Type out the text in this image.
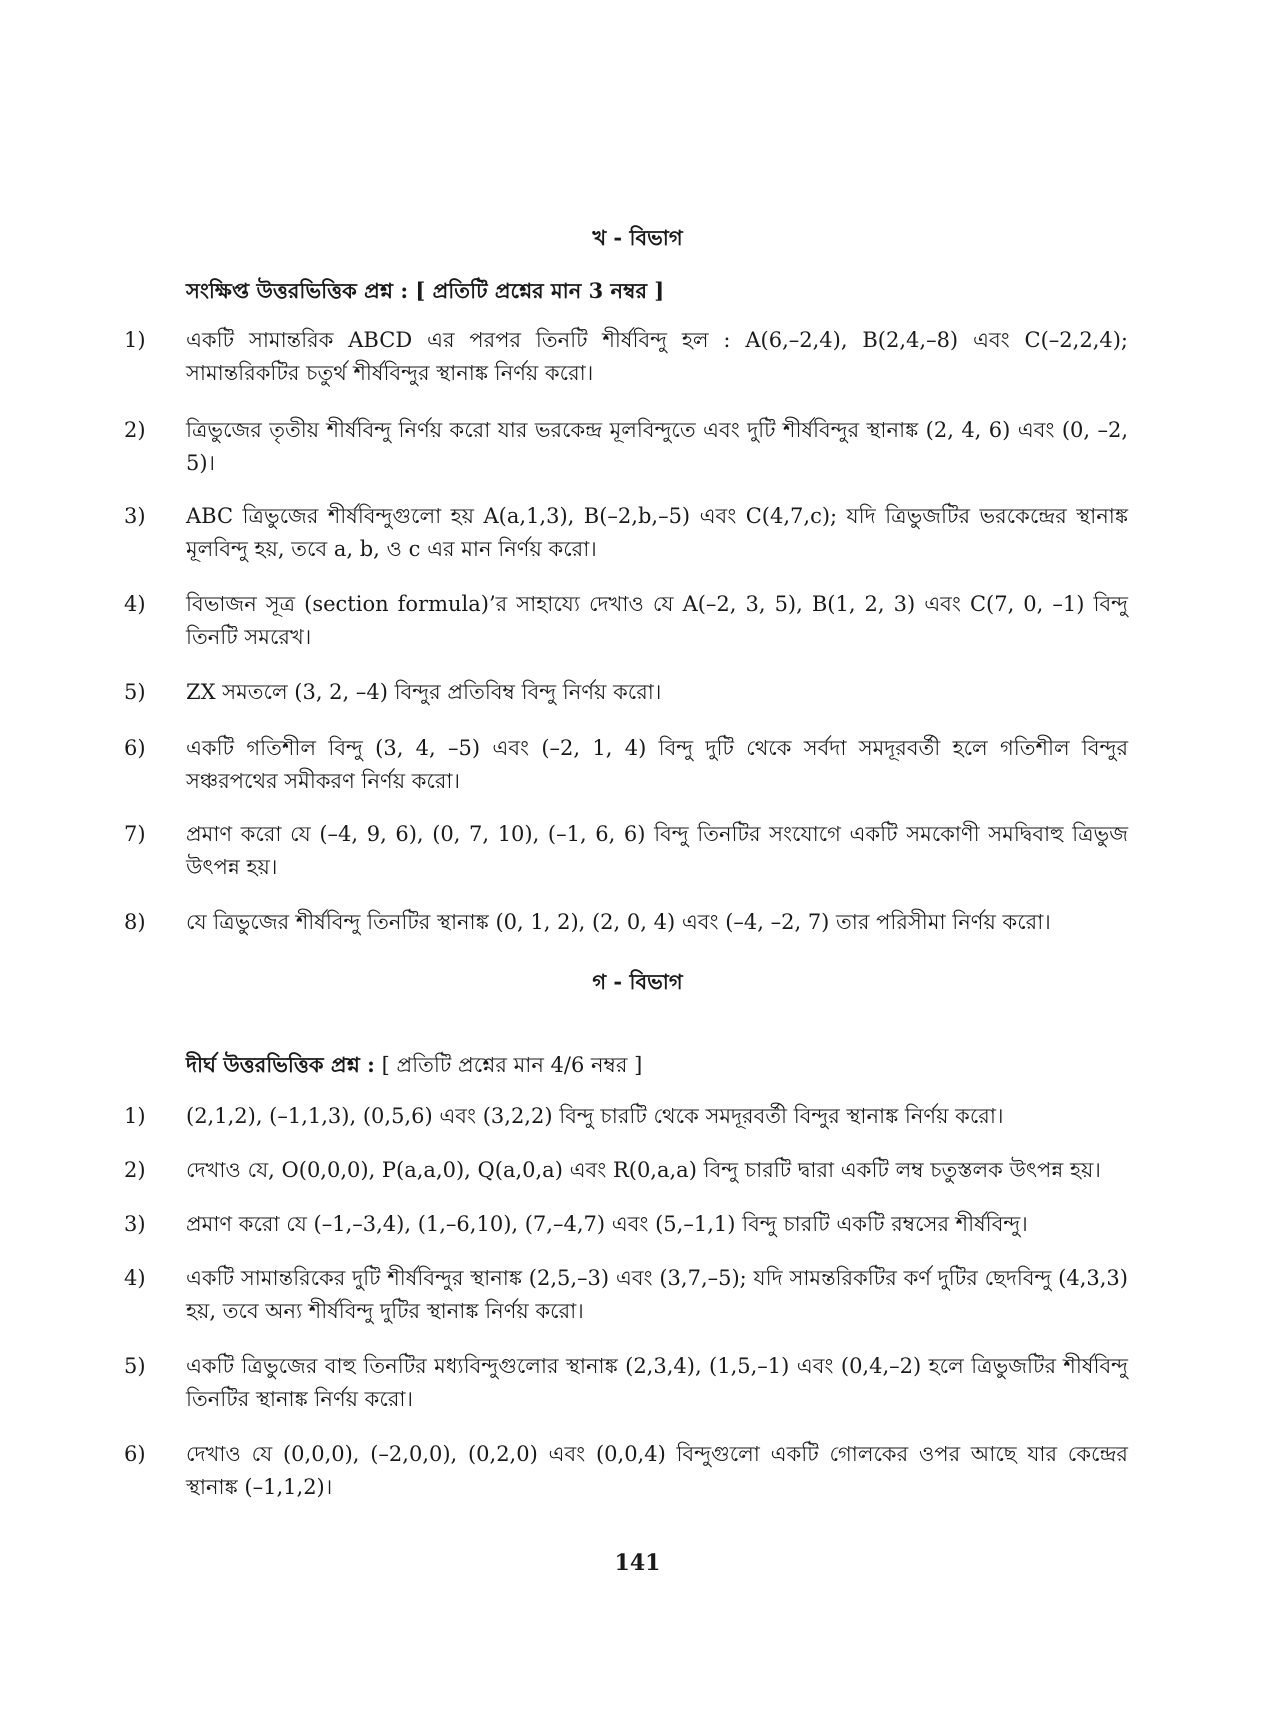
খ - বিভাগ
সংক্ষিপ্ত উত্তরভিত্তিক প্রশ্ন : [ প্রতিটি প্রশ্নের মান 3 নম্বর ]
1)	একটি সামান্তরিক ABCD এর পরপর তিনটি শীর্ষবিন্দু হল : A(6,–2,4), B(2,4,–8) এবং C(–2,2,4); সামান্তরিকটির চতুর্থ শীর্ষবিন্দুর স্থানাঙ্ক নির্ণয় করো।
2)	ত্রিভুজের তৃতীয় শীর্ষবিন্দু নির্ণয় করো যার ভরকেন্দ্র মূলবিন্দুতে এবং দুটি শীর্ষবিন্দুর স্থানাঙ্ক (2, 4, 6) এবং (0, –2, 5)।
3)	ABC ত্রিভুজের শীর্ষবিন্দুগুলো হয় A(a,1,3), B(–2,b,–5) এবং C(4,7,c); যদি ত্রিভুজটির ভরকেন্দ্রের স্থানাঙ্ক মূলবিন্দু হয়, তবে a, b, ও c এর মান নির্ণয় করো।
4)	বিভাজন সূত্র (section formula)’র সাহায্যে দেখাও যে A(–2, 3, 5), B(1, 2, 3) এবং C(7, 0, –1) বিন্দু তিনটি সমরেখ।
5)	ZX সমতলে (3, 2, –4) বিন্দুর প্রতিবিম্ব বিন্দু নির্ণয় করো।
6)	একটি গতিশীল বিন্দু (3, 4, –5) এবং (–2, 1, 4) বিন্দু দুটি থেকে সর্বদা সমদূরবর্তী হলে গতিশীল বিন্দুর সঞ্চরপথের সমীকরণ নির্ণয় করো।
7)	প্রমাণ করো যে (–4, 9, 6), (0, 7, 10), (–1, 6, 6) বিন্দু তিনটির সংযোগে একটি সমকোণী সমদ্বিবাহু ত্রিভুজ উৎপন্ন হয়।
8)	যে ত্রিভুজের শীর্ষবিন্দু তিনটির স্থানাঙ্ক (0, 1, 2), (2, 0, 4) এবং (–4, –2, 7) তার পরিসীমা নির্ণয় করো।
গ - বিভাগ
দীর্ঘ উত্তরভিত্তিক প্রশ্ন : [ প্রতিটি প্রশ্নের মান 4/6 নম্বর ]
1)	(2,1,2), (–1,1,3), (0,5,6) এবং (3,2,2) বিন্দু চারটি থেকে সমদূরবর্তী বিন্দুর স্থানাঙ্ক নির্ণয় করো।
2)	দেখাও যে, O(0,0,0), P(a,a,0), Q(a,0,a) এবং R(0,a,a) বিন্দু চারটি দ্বারা একটি লম্ব চতুস্তলক উৎপন্ন হয়।
3)	প্রমাণ করো যে (–1,–3,4), (1,–6,10), (7,–4,7) এবং (5,–1,1) বিন্দু চারটি একটি রম্বসের শীর্ষবিন্দু।
4)	একটি সামান্তরিকের দুটি শীর্ষবিন্দুর স্থানাঙ্ক (2,5,–3) এবং (3,7,–5); যদি সামন্তরিকটির কর্ণ দুটির ছেদবিন্দু (4,3,3) হয়, তবে অন্য শীর্ষবিন্দু দুটির স্থানাঙ্ক নির্ণয় করো।
5)	একটি ত্রিভুজের বাহু তিনটির মধ্যবিন্দুগুলোর স্থানাঙ্ক (2,3,4), (1,5,–1) এবং (0,4,–2) হলে ত্রিভুজটির শীর্ষবিন্দু তিনটির স্থানাঙ্ক নির্ণয় করো।
6)	দেখাও যে (0,0,0), (–2,0,0), (0,2,0) এবং (0,0,4) বিন্দুগুলো একটি গোলকের ওপর আছে যার কেন্দ্রের স্থানাঙ্ক (–1,1,2)।
141
